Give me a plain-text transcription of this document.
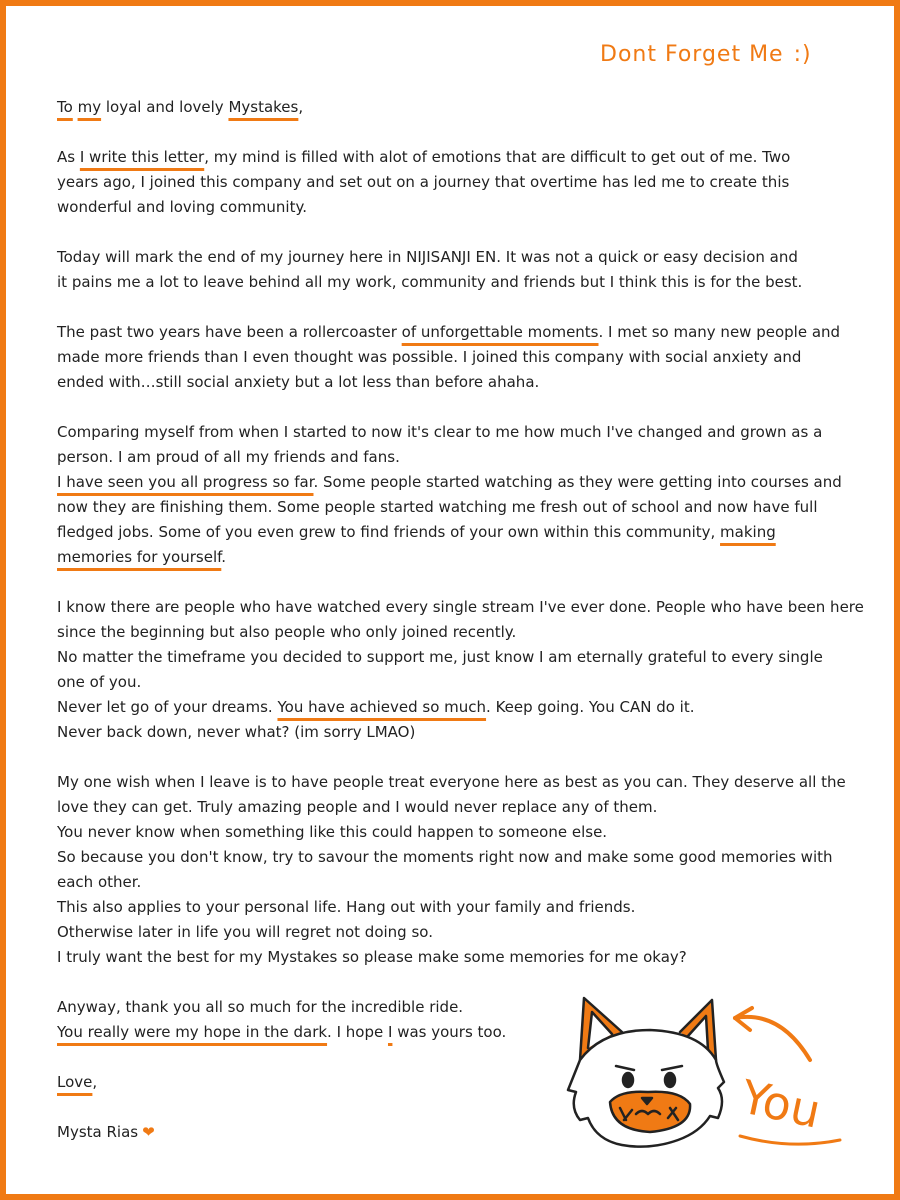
Dont Forget Me :)
To my loyal and lovely Mystakes,
As I write this letter, my mind is filled with alot of emotions that are difficult to get out of me. Two
years ago, I joined this company and set out on a journey that overtime has led me to create this
wonderful and loving community.
Today will mark the end of my journey here in NIJISANJI EN. It was not a quick or easy decision and
it pains me a lot to leave behind all my work, community and friends but I think this is for the best.
The past two years have been a rollercoaster of unforgettable moments. I met so many new people and
made more friends than I even thought was possible. I joined this company with social anxiety and
ended with…still social anxiety but a lot less than before ahaha.
Comparing myself from when I started to now it's clear to me how much I've changed and grown as a
person. I am proud of all my friends and fans.
I have seen you all progress so far. Some people started watching as they were getting into courses and
now they are finishing them. Some people started watching me fresh out of school and now have full
fledged jobs. Some of you even grew to find friends of your own within this community, making
memories for yourself.
I know there are people who have watched every single stream I've ever done. People who have been here
since the beginning but also people who only joined recently.
No matter the timeframe you decided to support me, just know I am eternally grateful to every single
one of you.
Never let go of your dreams. You have achieved so much. Keep going. You CAN do it.
Never back down, never what? (im sorry LMAO)
My one wish when I leave is to have people treat everyone here as best as you can. They deserve all the
love they can get. Truly amazing people and I would never replace any of them.
You never know when something like this could happen to someone else.
So because you don't know, try to savour the moments right now and make some good memories with
each other.
This also applies to your personal life. Hang out with your family and friends.
Otherwise later in life you will regret not doing so.
I truly want the best for my Mystakes so please make some memories for me okay?
Anyway, thank you all so much for the incredible ride.
You really were my hope in the dark. I hope I was yours too.
Love,
Mysta Rias ❤	You
